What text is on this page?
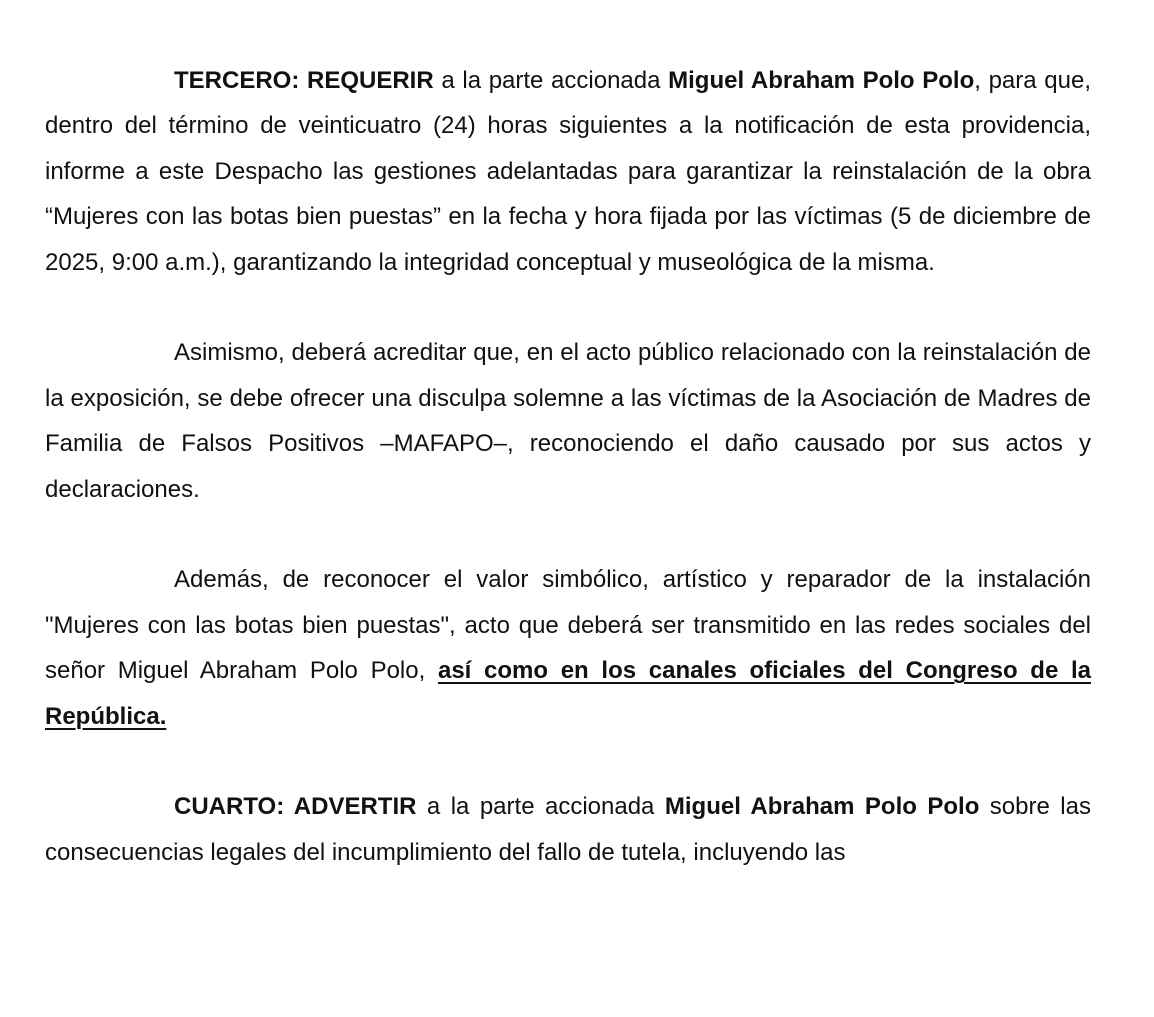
TERCERO: REQUERIR a la parte accionada Miguel Abraham Polo Polo, para que, dentro del término de veinticuatro (24) horas siguientes a la notificación de esta providencia, informe a este Despacho las gestiones adelantadas para garantizar la reinstalación de la obra “Mujeres con las botas bien puestas” en la fecha y hora fijada por las víctimas (5 de diciembre de 2025, 9:00 a.m.), garantizando la integridad conceptual y museológica de la misma.

Asimismo, deberá acreditar que, en el acto público relacionado con la reinstalación de la exposición, se debe ofrecer una disculpa solemne a las víctimas de la Asociación de Madres de Familia de Falsos Positivos –MAFAPO–, reconociendo el daño causado por sus actos y declaraciones.

Además, de reconocer el valor simbólico, artístico y reparador de la instalación "Mujeres con las botas bien puestas", acto que deberá ser transmitido en las redes sociales del señor Miguel Abraham Polo Polo, así como en los canales oficiales del Congreso de la República.

CUARTO: ADVERTIR a la parte accionada Miguel Abraham Polo Polo sobre las consecuencias legales del incumplimiento del fallo de tutela, incluyendo las
